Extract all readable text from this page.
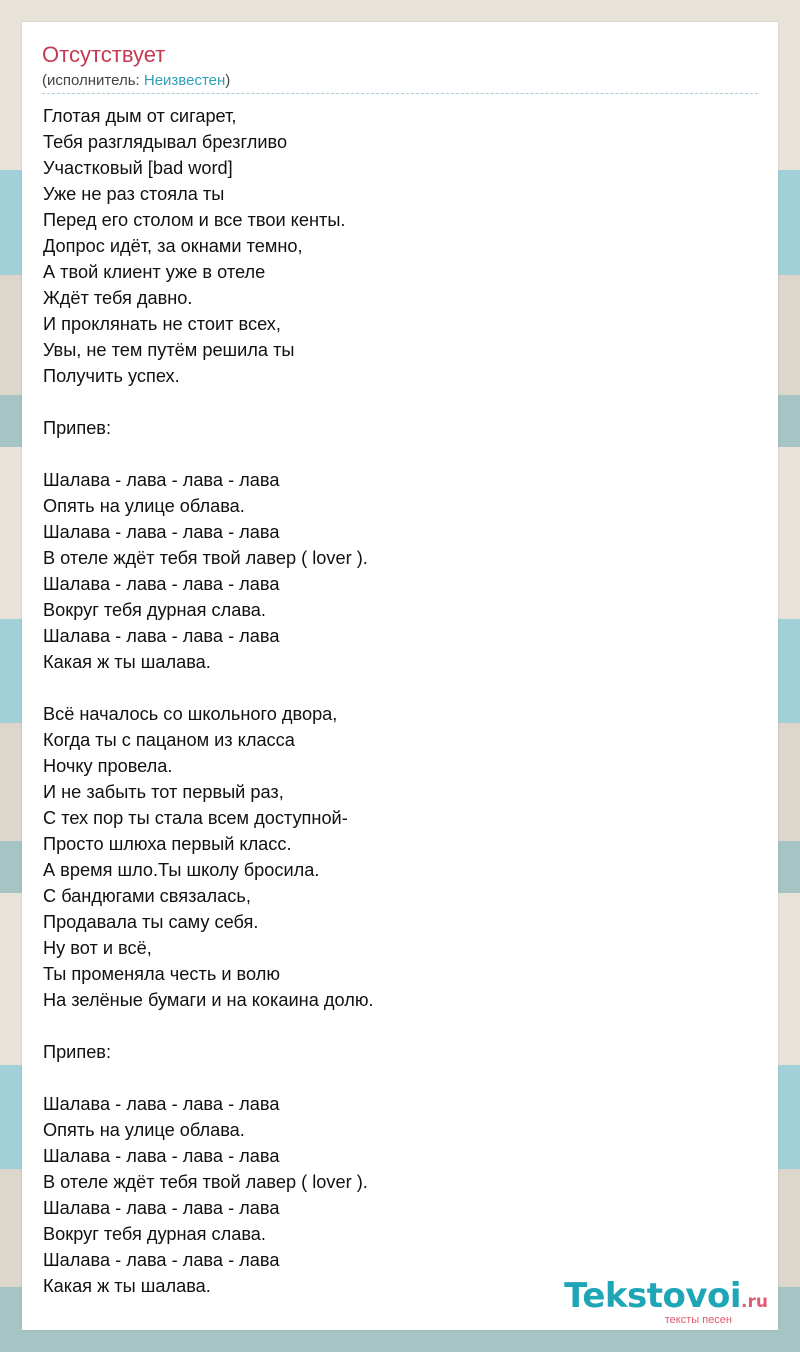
Отсутствует
(исполнитель: Неизвестен)
Глотая дым от сигарет,
Тебя разглядывал брезгливо
Участковый [bad word]
Уже не раз стояла ты
Перед его столом и все твои кенты.
Допрос идёт, за окнами темно,
А твой клиент уже в отеле
Ждёт тебя давно.
И проклянать не стоит всех,
Увы, не тем путём решила ты
Получить успех.
Припев:
Шалава - лава - лава - лава
Опять на улице облава.
Шалава - лава - лава - лава
В отеле ждёт тебя твой лавер ( lover ).
Шалава - лава - лава - лава
Вокруг тебя дурная слава.
Шалава - лава - лава - лава
Какая ж ты шалава.
Всё началось со школьного двора,
Когда ты с пацаном из класса
Ночку провела.
И не забыть тот первый раз,
С тех пор ты стала всем доступной-
Просто шлюха первый класс.
А время шло.Ты школу бросила.
С бандюгами связалась,
Продавала ты саму себя.
Ну вот и всё,
Ты променяла честь и волю
На зелёные бумаги и на кокаина долю.
Припев:
Шалава - лава - лава - лава
Опять на улице облава.
Шалава - лава - лава - лава
В отеле ждёт тебя твой лавер ( lover ).
Шалава - лава - лава - лава
Вокруг тебя дурная слава.
Шалава - лава - лава - лава
Какая ж ты шалава.	Tekstovoi.ru
тексты песен
